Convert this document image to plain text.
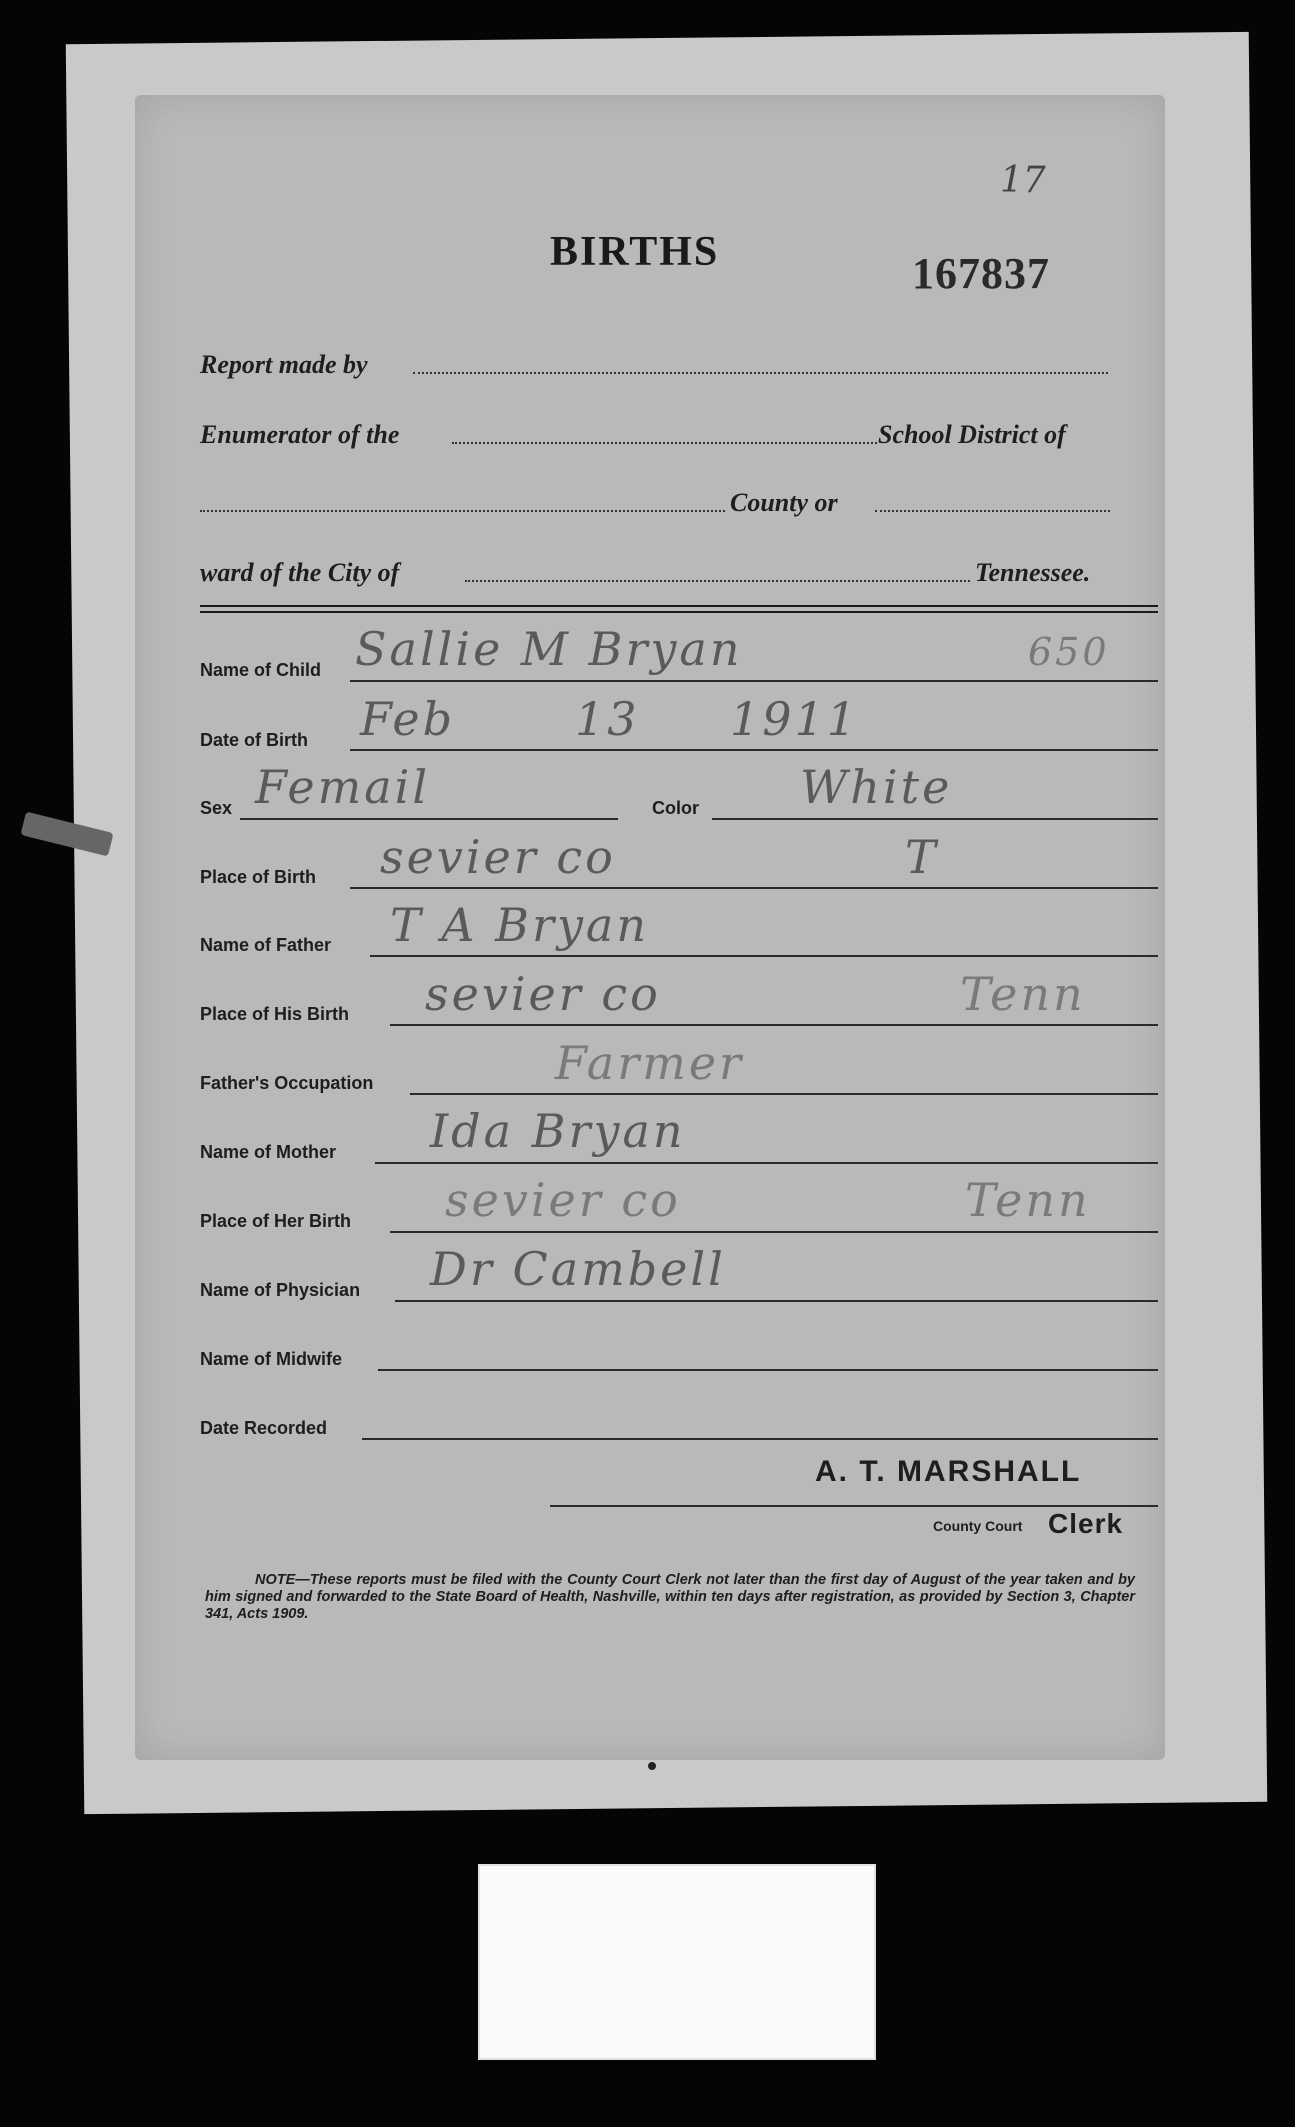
17
BIRTHS	167837
Report made by
Enumerator of the	School District of
County or
ward of the City of	Tennessee.
Name of Child Sallie M Bryan	650
Date of Birth Feb	13 1911
Sex Femail	Color White
Place of Birth sevier co	T
Name of Father T A Bryan
Place of His Birth sevier co	Tenn
Father's Occupation	Farmer
Name of Mother Ida Bryan
Place of Her Birth sevier co	Tenn
Name of Physician Dr Cambell
Name of Midwife
Date Recorded
A. T. MARSHALL
County Court Clerk
NOTE—These reports must be filed with the County Court Clerk not later than the first day of August of the year taken and by him signed and forwarded to the State Board of Health, Nashville, within ten days after registration, as provided by Section 3, Chapter 341, Acts 1909.
